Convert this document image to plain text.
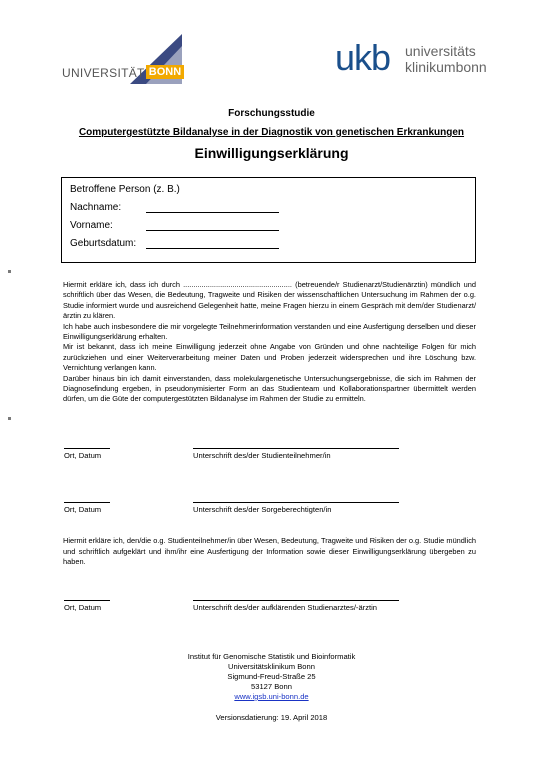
UNIVERSITÄT BONN	ukb universitäts
klinikumbonn
Forschungsstudie
Computergestützte Bildanalyse in der Diagnostik von genetischen Erkrankungen
Einwilligungserklärung
Betroffene Person (z. B.)
Nachname:
Vorname:
Geburtsdatum:

Hiermit erkläre ich, dass ich durch ..................................................... (betreuende/r Studienarzt/Studienärztin) mündlich und schriftlich über das Wesen, die Bedeutung, Tragweite und Risiken der wissenschaftlichen Untersuchung im Rahmen der o.g. Studie informiert wurde und ausreichend Gelegenheit hatte, meine Fragen hierzu in einem Gespräch mit dem/der Studienarzt/ärztin zu klären.

Ich habe auch insbesondere die mir vorgelegte Teilnehmerinformation verstanden und eine Ausfertigung derselben und dieser Einwilligungserklärung erhalten.

Mir ist bekannt, dass ich meine Einwilligung jederzeit ohne Angabe von Gründen und ohne nachteilige Folgen für mich zurückziehen und einer Weiterverarbeitung meiner Daten und Proben jederzeit widersprechen und ihre Löschung bzw. Vernichtung verlangen kann.

Darüber hinaus bin ich damit einverstanden, dass molekulargenetische Untersuchungsergebnisse, die sich im Rahmen der Diagnosefindung ergeben, in pseudonymisierter Form an das Studienteam und Kollaborationspartner übermittelt werden dürfen, um die Güte der computergestützten Bildanalyse im Rahmen der Studie zu ermitteln.

Ort, Datum	Unterschrift des/der Studienteilnehmer/in
Ort, Datum	Unterschrift des/der Sorgeberechtigten/in
Hiermit erkläre ich, den/die o.g. Studienteilnehmer/in über Wesen, Bedeutung, Tragweite und Risiken der o.g. Studie mündlich und schriftlich aufgeklärt und ihm/ihr eine Ausfertigung der Information sowie dieser Einwilligungserklärung übergeben zu haben.
Ort, Datum	Unterschrift des/der aufklärenden Studienarztes/-ärztin
Institut für Genomische Statistik und Bioinformatik
Universitätsklinikum Bonn
Sigmund-Freud-Straße 25
53127 Bonn
www.igsb.uni-bonn.de
Versionsdatierung: 19. April 2018
